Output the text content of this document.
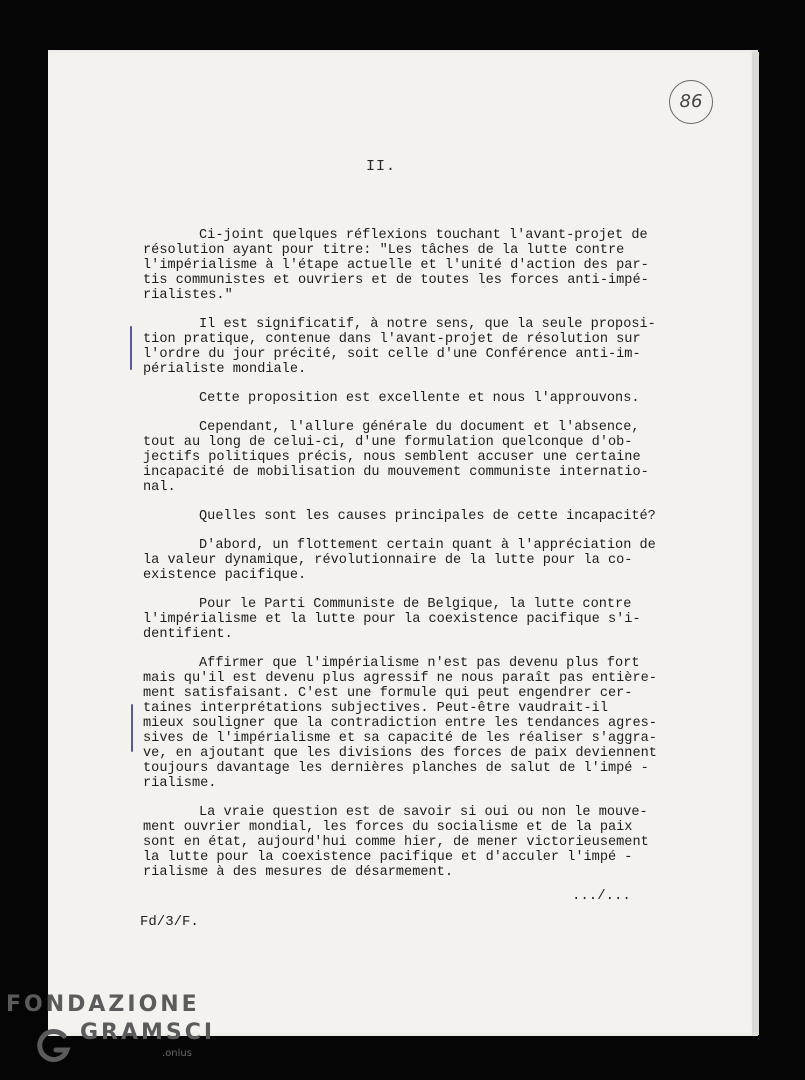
86
II.

Ci-joint quelques réflexions touchant l'avant-projet de
résolution ayant pour titre: "Les tâches de la lutte contre
l'impérialisme à l'étape actuelle et l'unité d'action des par-
tis communistes et ouvriers et de toutes les forces anti-impé-
rialistes."

Il est significatif, à notre sens, que la seule proposi-
tion pratique, contenue dans l'avant-projet de résolution sur
l'ordre du jour précité, soit celle d'une Conférence anti-im-
périaliste mondiale.

Cette proposition est excellente et nous l'approuvons.

Cependant, l'allure générale du document et l'absence,
tout au long de celui-ci, d'une formulation quelconque d'ob-
jectifs politiques précis, nous semblent accuser une certaine
incapacité de mobilisation du mouvement communiste internatio-
nal.

Quelles sont les causes principales de cette incapacité?

D'abord, un flottement certain quant à l'appréciation de
la valeur dynamique, révolutionnaire de la lutte pour la co-
existence pacifique.

Pour le Parti Communiste de Belgique, la lutte contre
l'impérialisme et la lutte pour la coexistence pacifique s'i-
dentifient.

Affirmer que l'impérialisme n'est pas devenu plus fort
mais qu'il est devenu plus agressif ne nous paraît pas entière-
ment satisfaisant. C'est une formule qui peut engendrer cer-
taines interprétations subjectives. Peut-être vaudrait-il
mieux souligner que la contradiction entre les tendances agres-
sives de l'impérialisme et sa capacité de les réaliser s'aggra-
ve, en ajoutant que les divisions des forces de paix deviennent
toujours davantage les dernières planches de salut de l'impé -
rialisme.

La vraie question est de savoir si oui ou non le mouve-
ment ouvrier mondial, les forces du socialisme et de la paix
sont en état, aujourd'hui comme hier, de mener victorieusement
la lutte pour la coexistence pacifique et d'acculer l'impé -
rialisme à des mesures de désarmement.

.../...
Fd/3/F.
FONDAZIONE
GRAMSCI
.onlus
